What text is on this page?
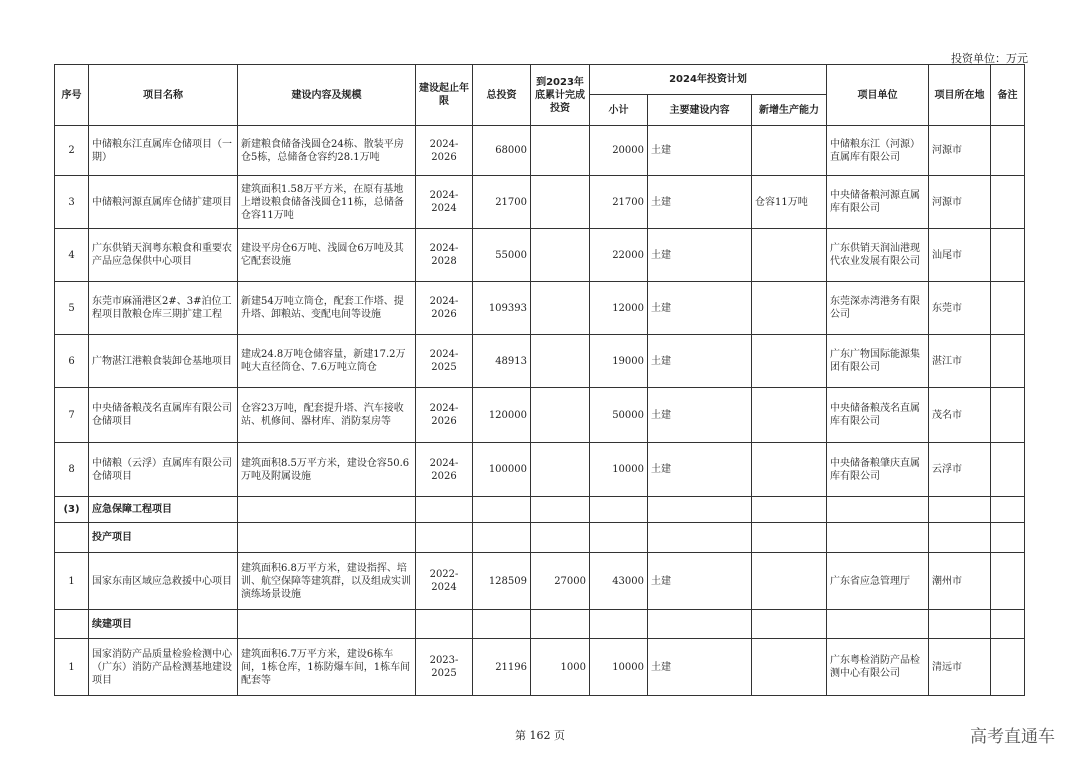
投资单位：万元
序号	项目名称	建设内容及规模	建设起止年限	总投资	到2023年底累计完成投资	2024年投资计划			项目单位	项目所在地	备注
						小计	主要建设内容	新增生产能力			
2	中储粮东江直属库仓储项目（一期）	新建粮食储备浅圆仓24栋、散装平房仓5栋，总储备仓容约28.1万吨	2024-2026	68000		20000	土建		中储粮东江（河源）直属库有限公司	河源市	
3	中储粮河源直属库仓储扩建项目	建筑面积1.58万平方米，在原有基地上增设粮食储备浅圆仓11栋，总储备仓容11万吨	2024-2024	21700		21700	土建	仓容11万吨	中央储备粮河源直属库有限公司	河源市	
4	广东供销天润粤东粮食和重要农产品应急保供中心项目	建设平房仓6万吨、浅圆仓6万吨及其它配套设施	2024-2028	55000		22000	土建		广东供销天润汕港现代农业发展有限公司	汕尾市	
5	东莞市麻涌港区2#、3#泊位工程项目散粮仓库三期扩建工程	新建54万吨立筒仓，配套工作塔、提升塔、卸粮站、变配电间等设施	2024-2026	109393		12000	土建		东莞深赤湾港务有限公司	东莞市	
6	广物湛江港粮食装卸仓基地项目	建成24.8万吨仓储容量，新建17.2万吨大直径筒仓、7.6万吨立筒仓	2024-2025	48913		19000	土建		广东广物国际能源集团有限公司	湛江市	
7	中央储备粮茂名直属库有限公司仓储项目	仓容23万吨，配套提升塔、汽车接收站、机修间、器材库、消防泵房等	2024-2026	120000		50000	土建		中央储备粮茂名直属库有限公司	茂名市	
8	中储粮（云浮）直属库有限公司仓储项目	建筑面积8.5万平方米，建设仓容50.6万吨及附属设施	2024-2026	100000		10000	土建		中央储备粮肇庆直属库有限公司	云浮市	
(3)	应急保障工程项目										
	投产项目										
1	国家东南区域应急救援中心项目	建筑面积6.8万平方米，建设指挥、培训、航空保障等建筑群，以及组成实训演练场景设施	2022-2024	128509	27000	43000	土建		广东省应急管理厅	潮州市	
	续建项目										
1	国家消防产品质量检验检测中心（广东）消防产品检测基地建设项目	建筑面积6.7万平方米，建设6栋车间，1栋仓库，1栋防爆车间，1栋车间配套等	2023-2025	21196	1000	10000	土建		广东粤检消防产品检测中心有限公司	清远市	
第 162 页	高考直通车
